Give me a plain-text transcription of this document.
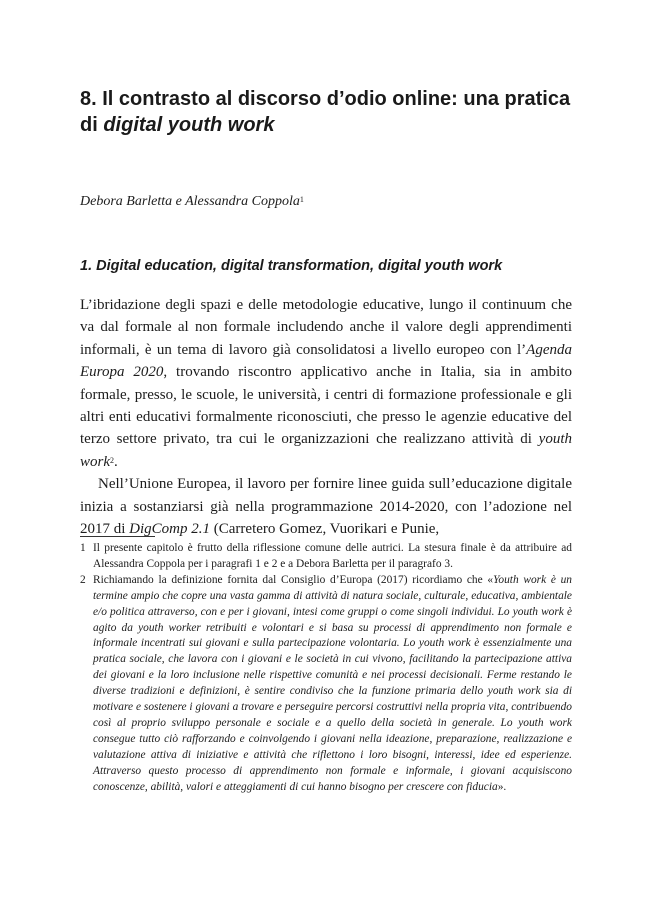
8. Il contrasto al discorso d’odio online: una pratica di digital youth work

Debora Barletta e Alessandra Coppola$^1$

1. Digital education, digital transformation, digital youth work

L’ibridazione degli spazi e delle metodologie educative, lungo il continuum che va dal formale al non formale includendo anche il valore degli apprendimenti informali, è un tema di lavoro già consolidatosi a livello europeo con l’Agenda Europa 2020, trovando riscontro applicativo anche in Italia, sia in ambito formale, presso, le scuole, le università, i centri di formazione professionale e gli altri enti educativi formalmente riconosciuti, che presso le agenzie educative del terzo settore privato, tra cui le organizzazioni che realizzano attività di youth work$^2$.

Nell’Unione Europea, il lavoro per fornire linee guida sull’educazione digitale inizia a sostanziarsi già nella programmazione 2014-2020, con l’adozione nel 2017 di DigComp 2.1 (Carretero Gomez, Vuorikari e Punie,

1 Il presente capitolo è frutto della riflessione comune delle autrici. La stesura finale è da attribuire ad Alessandra Coppola per i paragrafi 1 e 2 e a Debora Barletta per il paragrafo 3.

2 Richiamando la definizione fornita dal Consiglio d’Europa (2017) ricordiamo che «Youth work è un termine ampio che copre una vasta gamma di attività di natura sociale, culturale, educativa, ambientale e/o politica attraverso, con e per i giovani, intesi come gruppi o come singoli individui. Lo youth work è agito da youth worker retribuiti e volontari e si basa su processi di apprendimento non formale e informale incentrati sui giovani e sulla partecipazione volontaria. Lo youth work è essenzialmente una pratica sociale, che lavora con i giovani e le società in cui vivono, facilitando la partecipazione attiva dei giovani e la loro inclusione nelle rispettive comunità e nei processi decisionali. Ferme restando le diverse tradizioni e definizioni, è sentire condiviso che la funzione primaria dello youth work sia di motivare e sostenere i giovani a trovare e perseguire percorsi costruttivi nella propria vita, contribuendo così al proprio sviluppo personale e sociale e a quello della società in generale. Lo youth work consegue tutto ciò rafforzando e coinvolgendo i giovani nella ideazione, preparazione, realizzazione e valutazione attiva di iniziative e attività che riflettono i loro bisogni, interessi, idee ed esperienze. Attraverso questo processo di apprendimento non formale e informale, i giovani acquisiscono conoscenze, abilità, valori e atteggiamenti di cui hanno bisogno per crescere con fiducia».
